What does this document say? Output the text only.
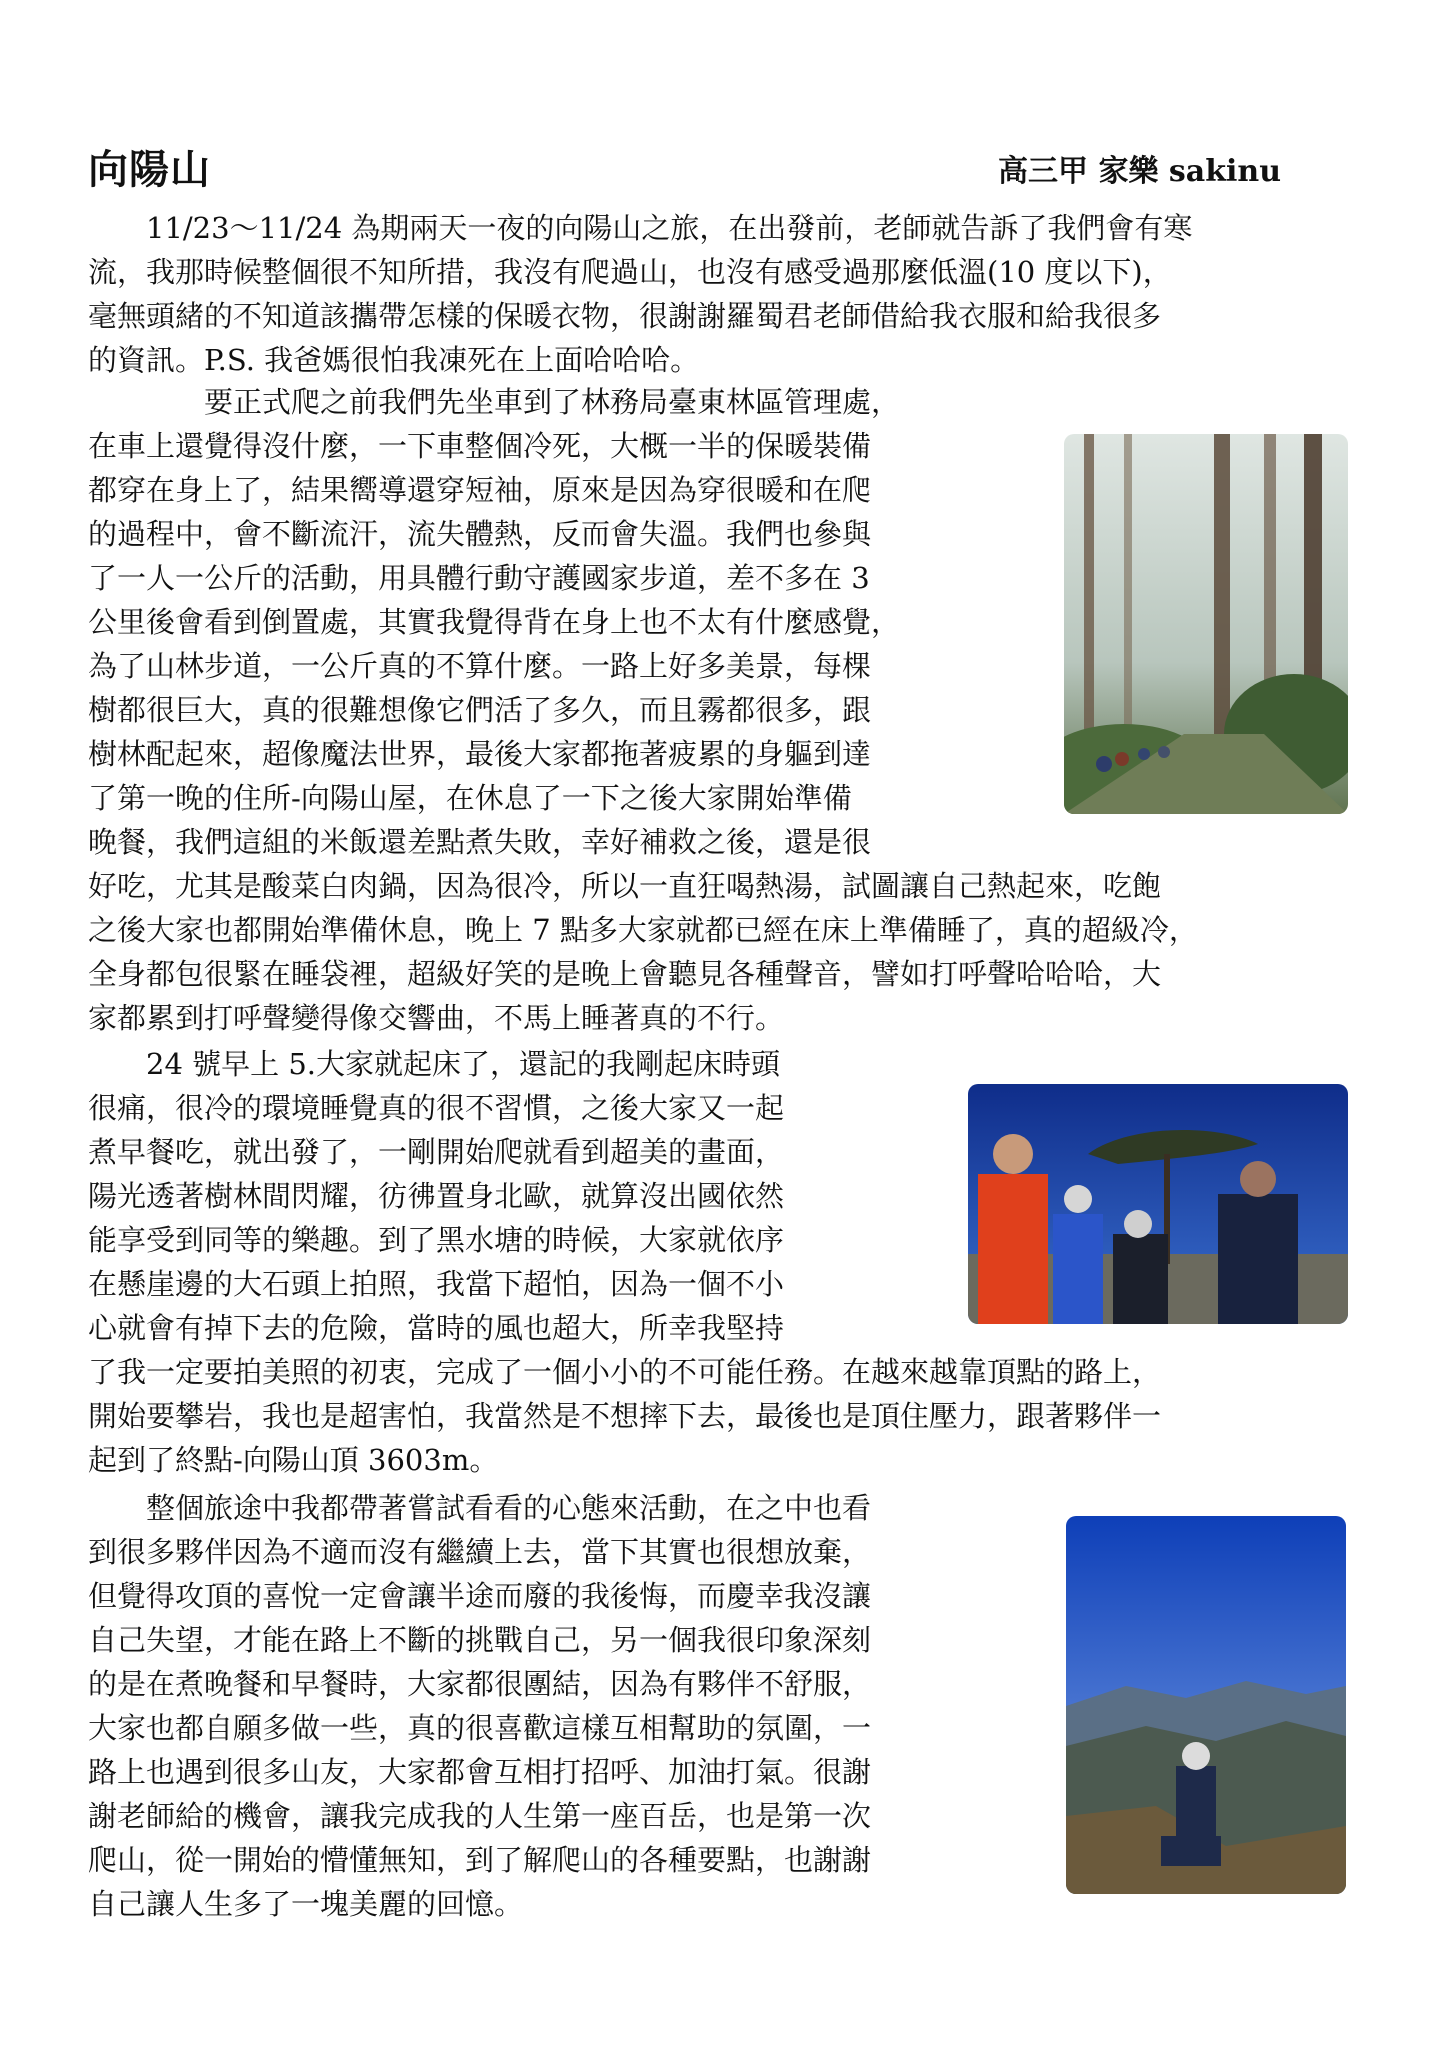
向陽山	高三甲 家樂 sakinu
　　11/23～11/24 為期兩天一夜的向陽山之旅，在出發前，老師就告訴了我們會有寒
流，我那時候整個很不知所措，我沒有爬過山，也沒有感受過那麼低溫(10 度以下)，
毫無頭緒的不知道該攜帶怎樣的保暖衣物，很謝謝羅蜀君老師借給我衣服和給我很多
的資訊。P.S. 我爸媽很怕我凍死在上面哈哈哈。
　　　　要正式爬之前我們先坐車到了林務局臺東林區管理處，
在車上還覺得沒什麼，一下車整個冷死，大概一半的保暖裝備
都穿在身上了，結果嚮導還穿短袖，原來是因為穿很暖和在爬
的過程中，會不斷流汗，流失體熱，反而會失溫。我們也參與
了一人一公斤的活動，用具體行動守護國家步道，差不多在 3
公里後會看到倒置處，其實我覺得背在身上也不太有什麼感覺，
為了山林步道，一公斤真的不算什麼。一路上好多美景，每棵
樹都很巨大，真的很難想像它們活了多久，而且霧都很多，跟
樹林配起來，超像魔法世界，最後大家都拖著疲累的身軀到達
了第一晚的住所-向陽山屋，在休息了一下之後大家開始準備
晚餐，我們這組的米飯還差點煮失敗，幸好補救之後，還是很
好吃，尤其是酸菜白肉鍋，因為很冷，所以一直狂喝熱湯，試圖讓自己熱起來，吃飽
之後大家也都開始準備休息，晚上 7 點多大家就都已經在床上準備睡了，真的超級冷，
全身都包很緊在睡袋裡，超級好笑的是晚上會聽見各種聲音，譬如打呼聲哈哈哈，大
家都累到打呼聲變得像交響曲，不馬上睡著真的不行。
　　24 號早上 5.大家就起床了，還記的我剛起床時頭
很痛，很冷的環境睡覺真的很不習慣，之後大家又一起
煮早餐吃，就出發了，一剛開始爬就看到超美的畫面，
陽光透著樹林間閃耀，彷彿置身北歐，就算沒出國依然
能享受到同等的樂趣。到了黑水塘的時候，大家就依序
在懸崖邊的大石頭上拍照，我當下超怕，因為一個不小
心就會有掉下去的危險，當時的風也超大，所幸我堅持
了我一定要拍美照的初衷，完成了一個小小的不可能任務。在越來越靠頂點的路上，
開始要攀岩，我也是超害怕，我當然是不想摔下去，最後也是頂住壓力，跟著夥伴一
起到了終點-向陽山頂 3603m。
　　整個旅途中我都帶著嘗試看看的心態來活動，在之中也看
到很多夥伴因為不適而沒有繼續上去，當下其實也很想放棄，
但覺得攻頂的喜悅一定會讓半途而廢的我後悔，而慶幸我沒讓
自己失望，才能在路上不斷的挑戰自己，另一個我很印象深刻
的是在煮晚餐和早餐時，大家都很團結，因為有夥伴不舒服，
大家也都自願多做一些，真的很喜歡這樣互相幫助的氛圍，一
路上也遇到很多山友，大家都會互相打招呼、加油打氣。很謝
謝老師給的機會，讓我完成我的人生第一座百岳，也是第一次
爬山，從一開始的懵懂無知，到了解爬山的各種要點，也謝謝
自己讓人生多了一塊美麗的回憶。
